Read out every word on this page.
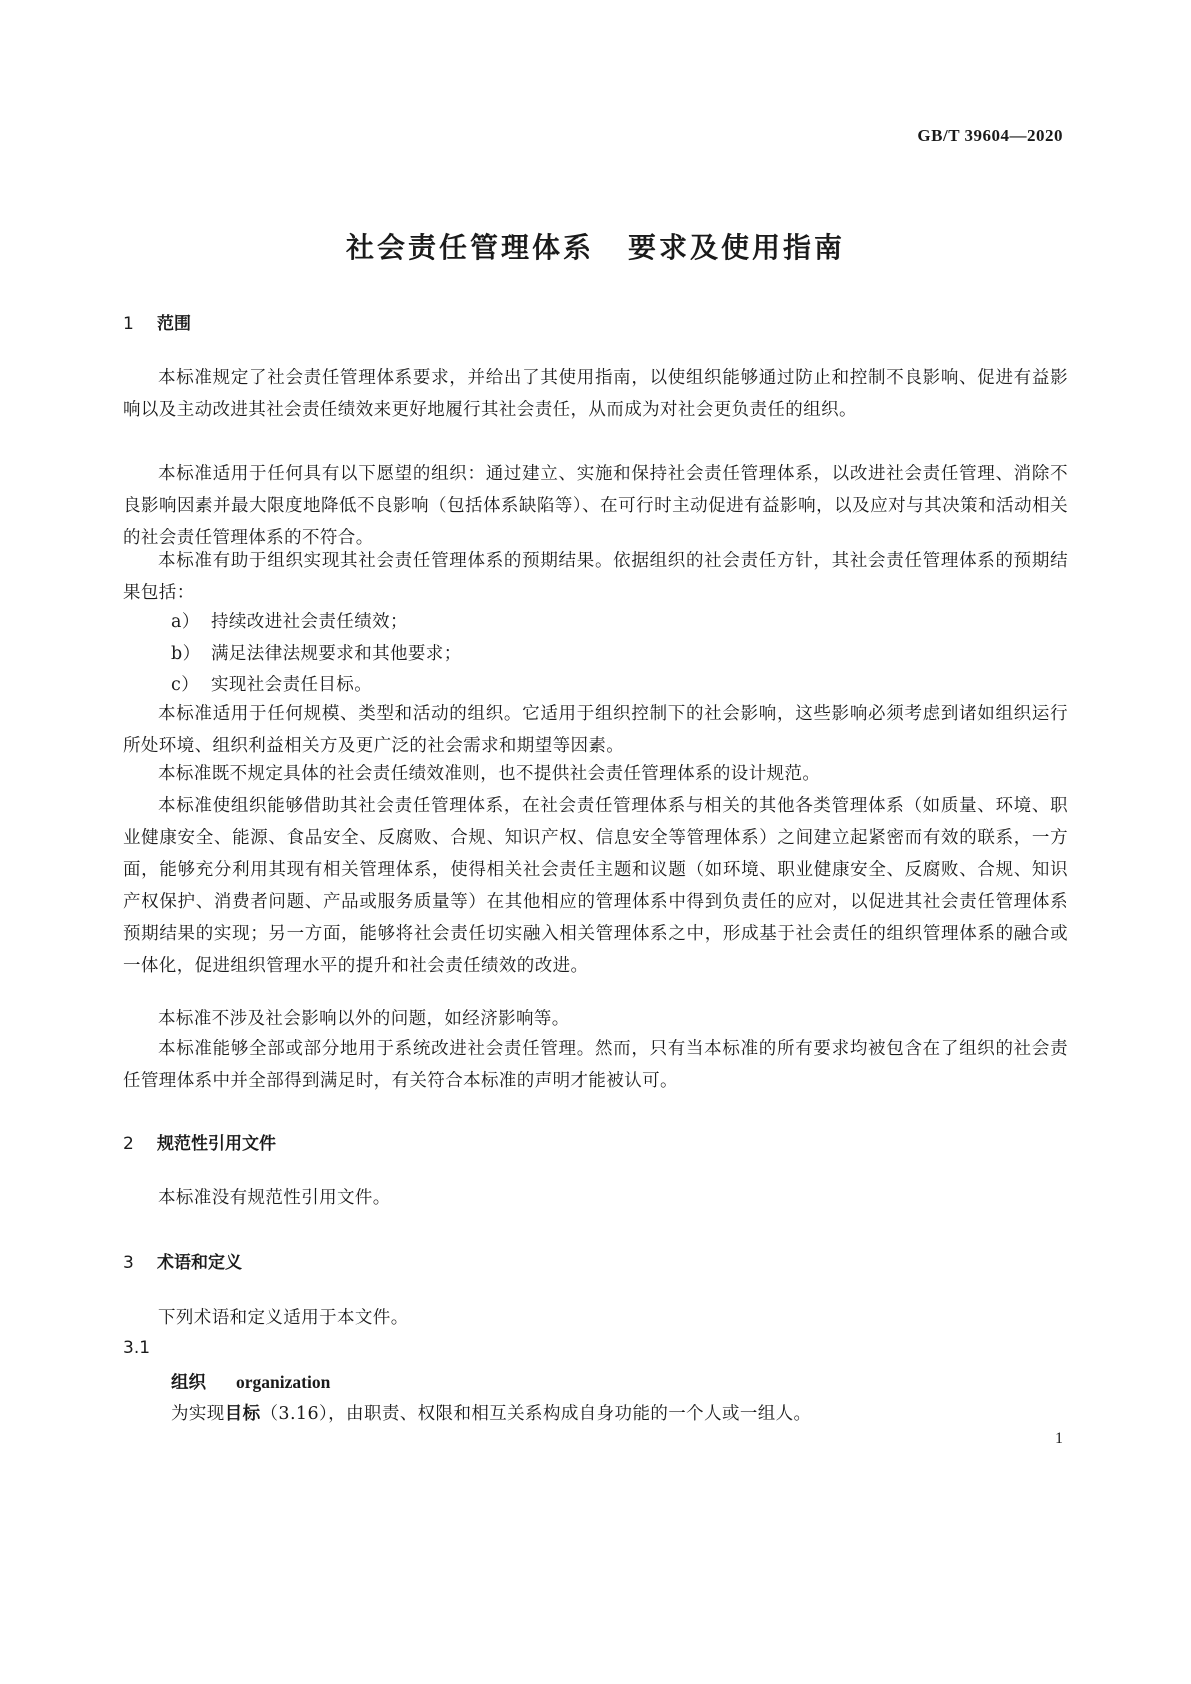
GB/T 39604—2020
社会责任管理体系 要求及使用指南
1 范围
本标准规定了社会责任管理体系要求，并给出了其使用指南，以使组织能够通过防止和控制不良影响、促进有益影响以及主动改进其社会责任绩效来更好地履行其社会责任，从而成为对社会更负责任的组织。
本标准适用于任何具有以下愿望的组织：通过建立、实施和保持社会责任管理体系，以改进社会责任管理、消除不良影响因素并最大限度地降低不良影响（包括体系缺陷等）、在可行时主动促进有益影响，以及应对与其决策和活动相关的社会责任管理体系的不符合。
本标准有助于组织实现其社会责任管理体系的预期结果。依据组织的社会责任方针，其社会责任管理体系的预期结果包括：
a） 持续改进社会责任绩效；
b） 满足法律法规要求和其他要求；
c） 实现社会责任目标。
本标准适用于任何规模、类型和活动的组织。它适用于组织控制下的社会影响，这些影响必须考虑到诸如组织运行所处环境、组织利益相关方及更广泛的社会需求和期望等因素。
本标准既不规定具体的社会责任绩效准则，也不提供社会责任管理体系的设计规范。
本标准使组织能够借助其社会责任管理体系，在社会责任管理体系与相关的其他各类管理体系（如质量、环境、职业健康安全、能源、食品安全、反腐败、合规、知识产权、信息安全等管理体系）之间建立起紧密而有效的联系，一方面，能够充分利用其现有相关管理体系，使得相关社会责任主题和议题（如环境、职业健康安全、反腐败、合规、知识产权保护、消费者问题、产品或服务质量等）在其他相应的管理体系中得到负责任的应对，以促进其社会责任管理体系预期结果的实现；另一方面，能够将社会责任切实融入相关管理体系之中，形成基于社会责任的组织管理体系的融合或一体化，促进组织管理水平的提升和社会责任绩效的改进。
本标准不涉及社会影响以外的问题，如经济影响等。
本标准能够全部或部分地用于系统改进社会责任管理。然而，只有当本标准的所有要求均被包含在了组织的社会责任管理体系中并全部得到满足时，有关符合本标准的声明才能被认可。
2 规范性引用文件
本标准没有规范性引用文件。
3 术语和定义
下列术语和定义适用于本文件。
3.1
组织 organization
为实现目标（3.16），由职责、权限和相互关系构成自身功能的一个人或一组人。
1
